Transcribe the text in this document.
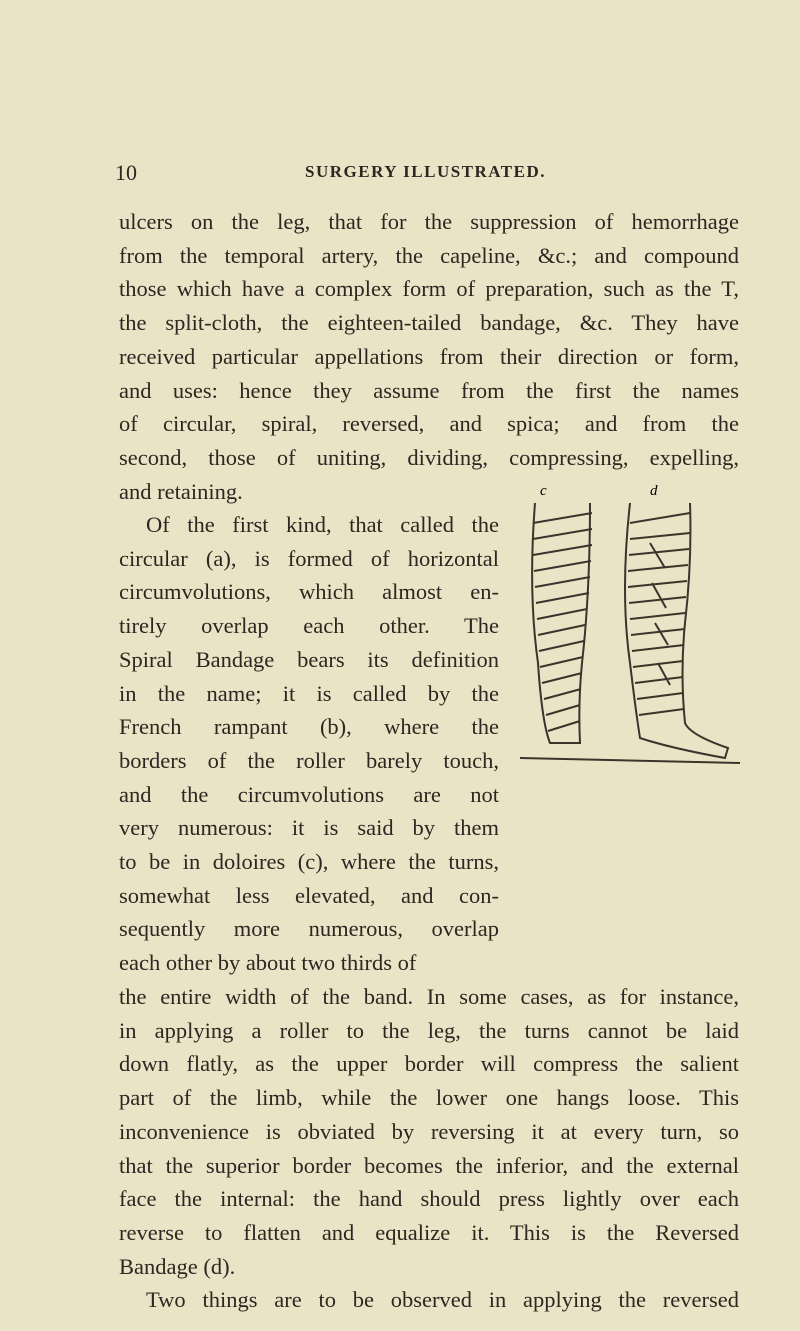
10	SURGERY ILLUSTRATED.

ulcers on the leg, that for the suppression of hemorrhage
from the temporal artery, the capeline, &c.; and compound
those which have a complex form of preparation, such as the T,
the split-cloth, the eighteen-tailed bandage, &c. They have
received particular appellations from their direction or form,
and uses: hence they assume from the first the names
of circular, spiral, reversed, and spica; and from the
second, those of uniting, dividing, compressing, expelling,
and retaining.

Of the first kind, that called the
circular (a), is formed of horizontal
circumvolutions, which almost en-
tirely overlap each other. The
Spiral Bandage bears its definition
in the name; it is called by the
French rampant (b), where the
borders of the roller barely touch,
and the circumvolutions are not
very numerous: it is said by them
to be in doloires (c), where the turns,
somewhat less elevated, and con-
sequently more numerous, overlap
each other by about two thirds of

the entire width of the band. In some cases, as for instance,
in applying a roller to the leg, the turns cannot be laid
down flatly, as the upper border will compress the salient
part of the limb, while the lower one hangs loose. This
inconvenience is obviated by reversing it at every turn, so
that the superior border becomes the inferior, and the external
face the internal: the hand should press lightly over each
reverse to flatten and equalize it. This is the Reversed
Bandage (d).

Two things are to be observed in applying the reversed

c	d
